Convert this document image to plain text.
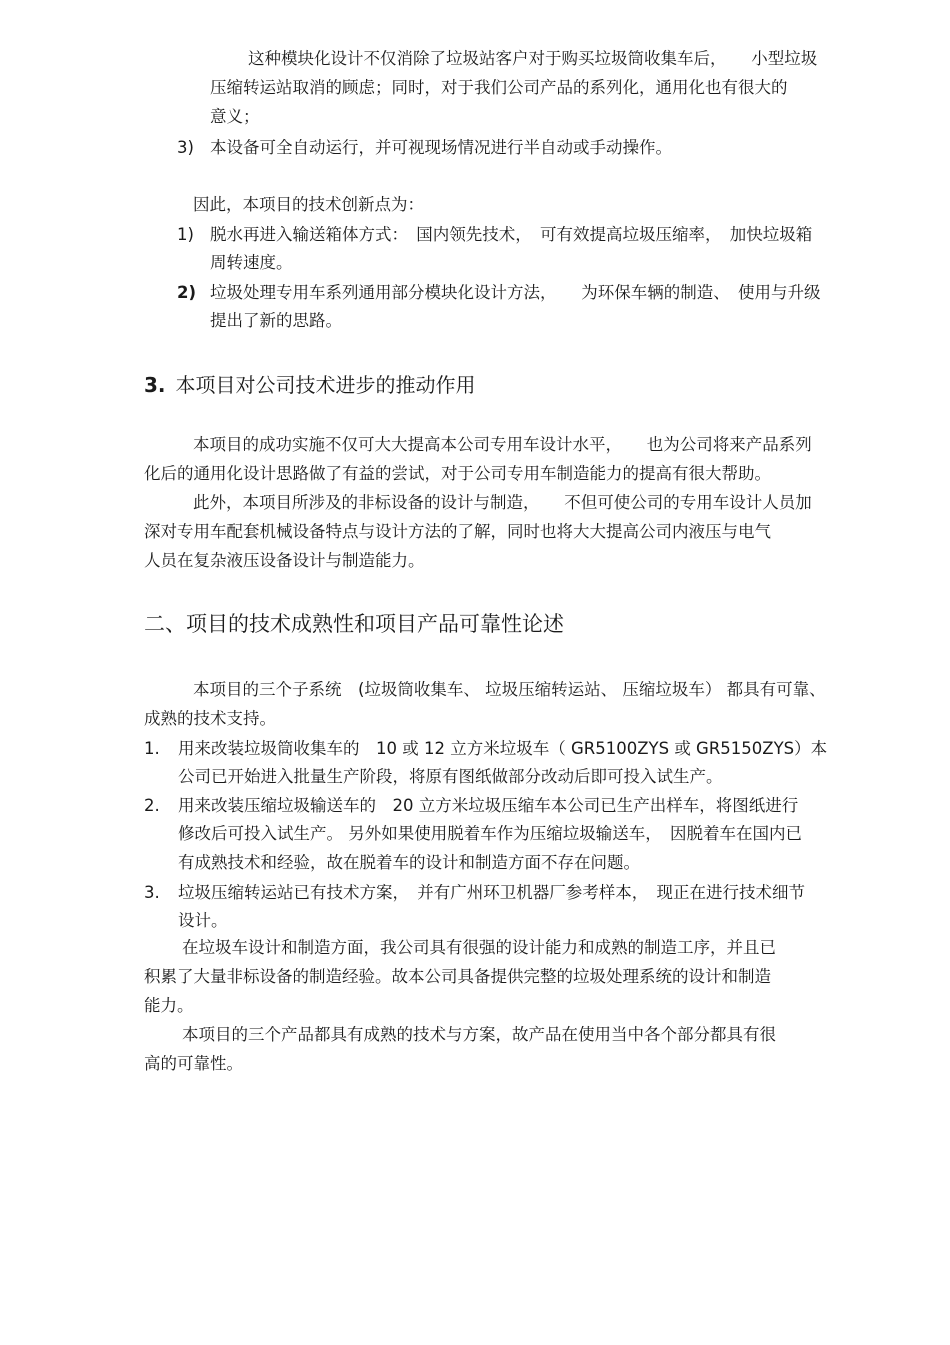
这种模块化设计不仅消除了垃圾站客户对于购买垃圾筒收集车后，　　小型垃圾
压缩转运站取消的顾虑；同时，对于我们公司产品的系列化，通用化也有很大的
意义；
3) 本设备可全自动运行，并可视现场情况进行半自动或手动操作。
因此，本项目的技术创新点为：
1) 脱水再进入输送箱体方式：　国内领先技术，　可有效提高垃圾压缩率，　加快垃圾箱
周转速度。
2) 垃圾处理专用车系列通用部分模块化设计方法，　　为环保车辆的制造、　使用与升级
提出了新的思路。
3. 本项目对公司技术进步的推动作用
本项目的成功实施不仅可大大提高本公司专用车设计水平，　　也为公司将来产品系列
化后的通用化设计思路做了有益的尝试，对于公司专用车制造能力的提高有很大帮助。
此外，本项目所涉及的非标设备的设计与制造，　　不但可使公司的专用车设计人员加
深对专用车配套机械设备特点与设计方法的了解，同时也将大大提高公司内液压与电气
人员在复杂液压设备设计与制造能力。
二、项目的技术成熟性和项目产品可靠性论述
本项目的三个子系统　(垃圾筒收集车、 垃圾压缩转运站、 压缩垃圾车） 都具有可靠、
成熟的技术支持。
1. 用来改装垃圾筒收集车的　10 或 12 立方米垃圾车（ GR5100ZYS 或 GR5150ZYS）本
公司已开始进入批量生产阶段，将原有图纸做部分改动后即可投入试生产。
2. 用来改装压缩垃圾输送车的　20 立方米垃圾压缩车本公司已生产出样车，将图纸进行
修改后可投入试生产。 另外如果使用脱着车作为压缩垃圾输送车，　因脱着车在国内已
有成熟技术和经验，故在脱着车的设计和制造方面不存在问题。
3. 垃圾压缩转运站已有技术方案，　并有广州环卫机器厂参考样本，　现正在进行技术细节
设计。
在垃圾车设计和制造方面，我公司具有很强的设计能力和成熟的制造工序，并且已
积累了大量非标设备的制造经验。故本公司具备提供完整的垃圾处理系统的设计和制造
能力。
本项目的三个产品都具有成熟的技术与方案，故产品在使用当中各个部分都具有很
高的可靠性。
